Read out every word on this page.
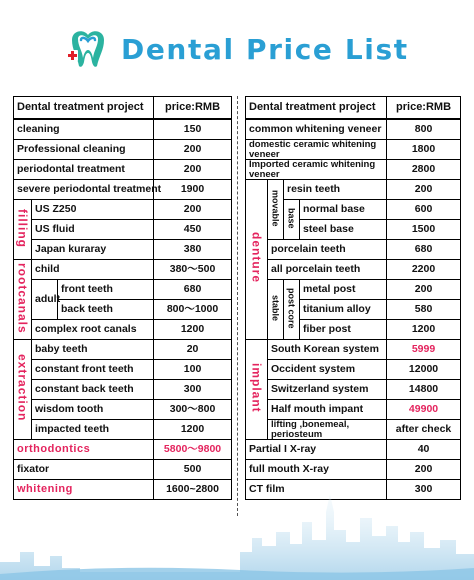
Dental Price List
Dental treatment project			price:RMB
cleaning			150
Professional cleaning			200
periodontal treatment			200
severe periodontal treatment			1900
filling	US Z250		200
	US fluid		450
	Japan kuraray		380
rootcanals	child		380～500
	adult	front teeth	680
		back teeth	800～1000
	complex root canals		1200
extraction	baby teeth		20
	constant front teeth		100
	constant back teeth		300
	wisdom tooth		300～800
	impacted teeth		1200
orthodontics			5800～9800
fixator			500
whitening			1600~2800
Dental treatment project				price:RMB
common whitening veneer				800
domestic ceramic whitening veneer				1800
Imported ceramic whitening veneer				2800
denture	movable	resin teeth		200
		base	normal base	600
			steel base	1500
	porcelain teeth			680
	all porcelain teeth			2200
	stable	post core	metal post	200
			titanium alloy	580
			fiber post	1200
implant	South Korean system			5999
	Occident system			12000
	Switzerland system			14800
	Half mouth impant			49900
	lifting ,bonemeal, periosteum			after check
Partial I X-ray				40
full mouth X-ray				200
CT film				300
